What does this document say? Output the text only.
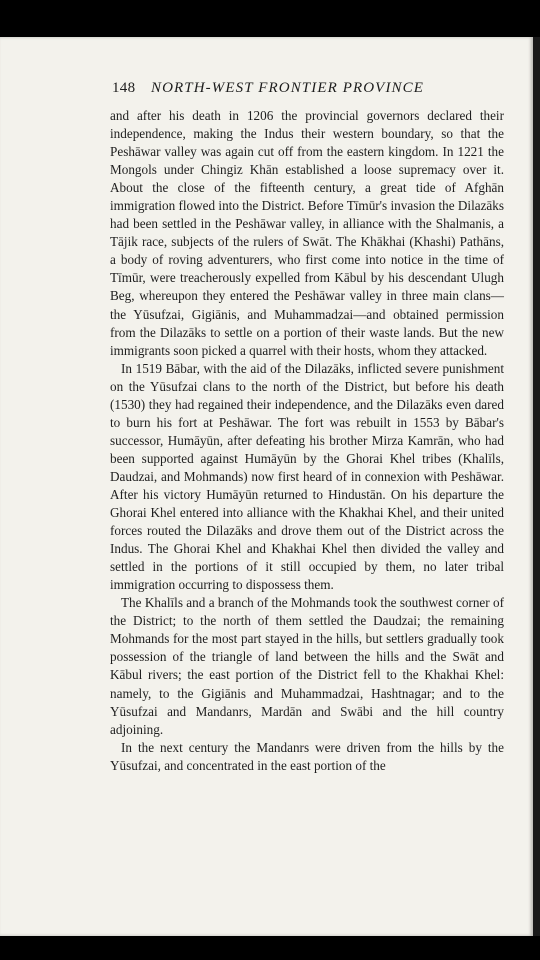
148 NORTH-WEST FRONTIER PROVINCE

and after his death in 1206 the provincial governors declared their independence, making the Indus their western boundary, so that the Peshāwar valley was again cut off from the eastern kingdom. In 1221 the Mongols under Chingiz Khān established a loose supremacy over it. About the close of the fifteenth century, a great tide of Afghān immigration flowed into the District. Before Tīmūr's invasion the Dilazāks had been settled in the Peshāwar valley, in alliance with the Shalmanis, a Tājik race, subjects of the rulers of Swāt. The Khākhai (Khashi) Pathāns, a body of roving adventurers, who first come into notice in the time of Tīmūr, were treacherously expelled from Kābul by his descendant Ulugh Beg, whereupon they entered the Peshāwar valley in three main clans—the Yūsufzai, Gigiānis, and Muhammadzai—and obtained permission from the Dilazāks to settle on a portion of their waste lands. But the new immigrants soon picked a quarrel with their hosts, whom they attacked.

In 1519 Bābar, with the aid of the Dilazāks, inflicted severe punishment on the Yūsufzai clans to the north of the District, but before his death (1530) they had regained their independence, and the Dilazāks even dared to burn his fort at Peshāwar. The fort was rebuilt in 1553 by Bābar's successor, Humāyūn, after defeating his brother Mirza Kamrān, who had been supported against Humāyūn by the Ghorai Khel tribes (Khalīls, Daudzai, and Mohmands) now first heard of in connexion with Peshāwar. After his victory Humāyūn returned to Hindustān. On his departure the Ghorai Khel entered into alliance with the Khakhai Khel, and their united forces routed the Dilazāks and drove them out of the District across the Indus. The Ghorai Khel and Khakhai Khel then divided the valley and settled in the portions of it still occupied by them, no later tribal immigration occurring to dispossess them.

The Khalīls and a branch of the Mohmands took the southwest corner of the District; to the north of them settled the Daudzai; the remaining Mohmands for the most part stayed in the hills, but settlers gradually took possession of the triangle of land between the hills and the Swāt and Kābul rivers; the east portion of the District fell to the Khakhai Khel: namely, to the Gigiānis and Muhammadzai, Hashtnagar; and to the Yūsufzai and Mandanrs, Mardān and Swābi and the hill country adjoining.

In the next century the Mandanrs were driven from the hills by the Yūsufzai, and concentrated in the east portion of the
